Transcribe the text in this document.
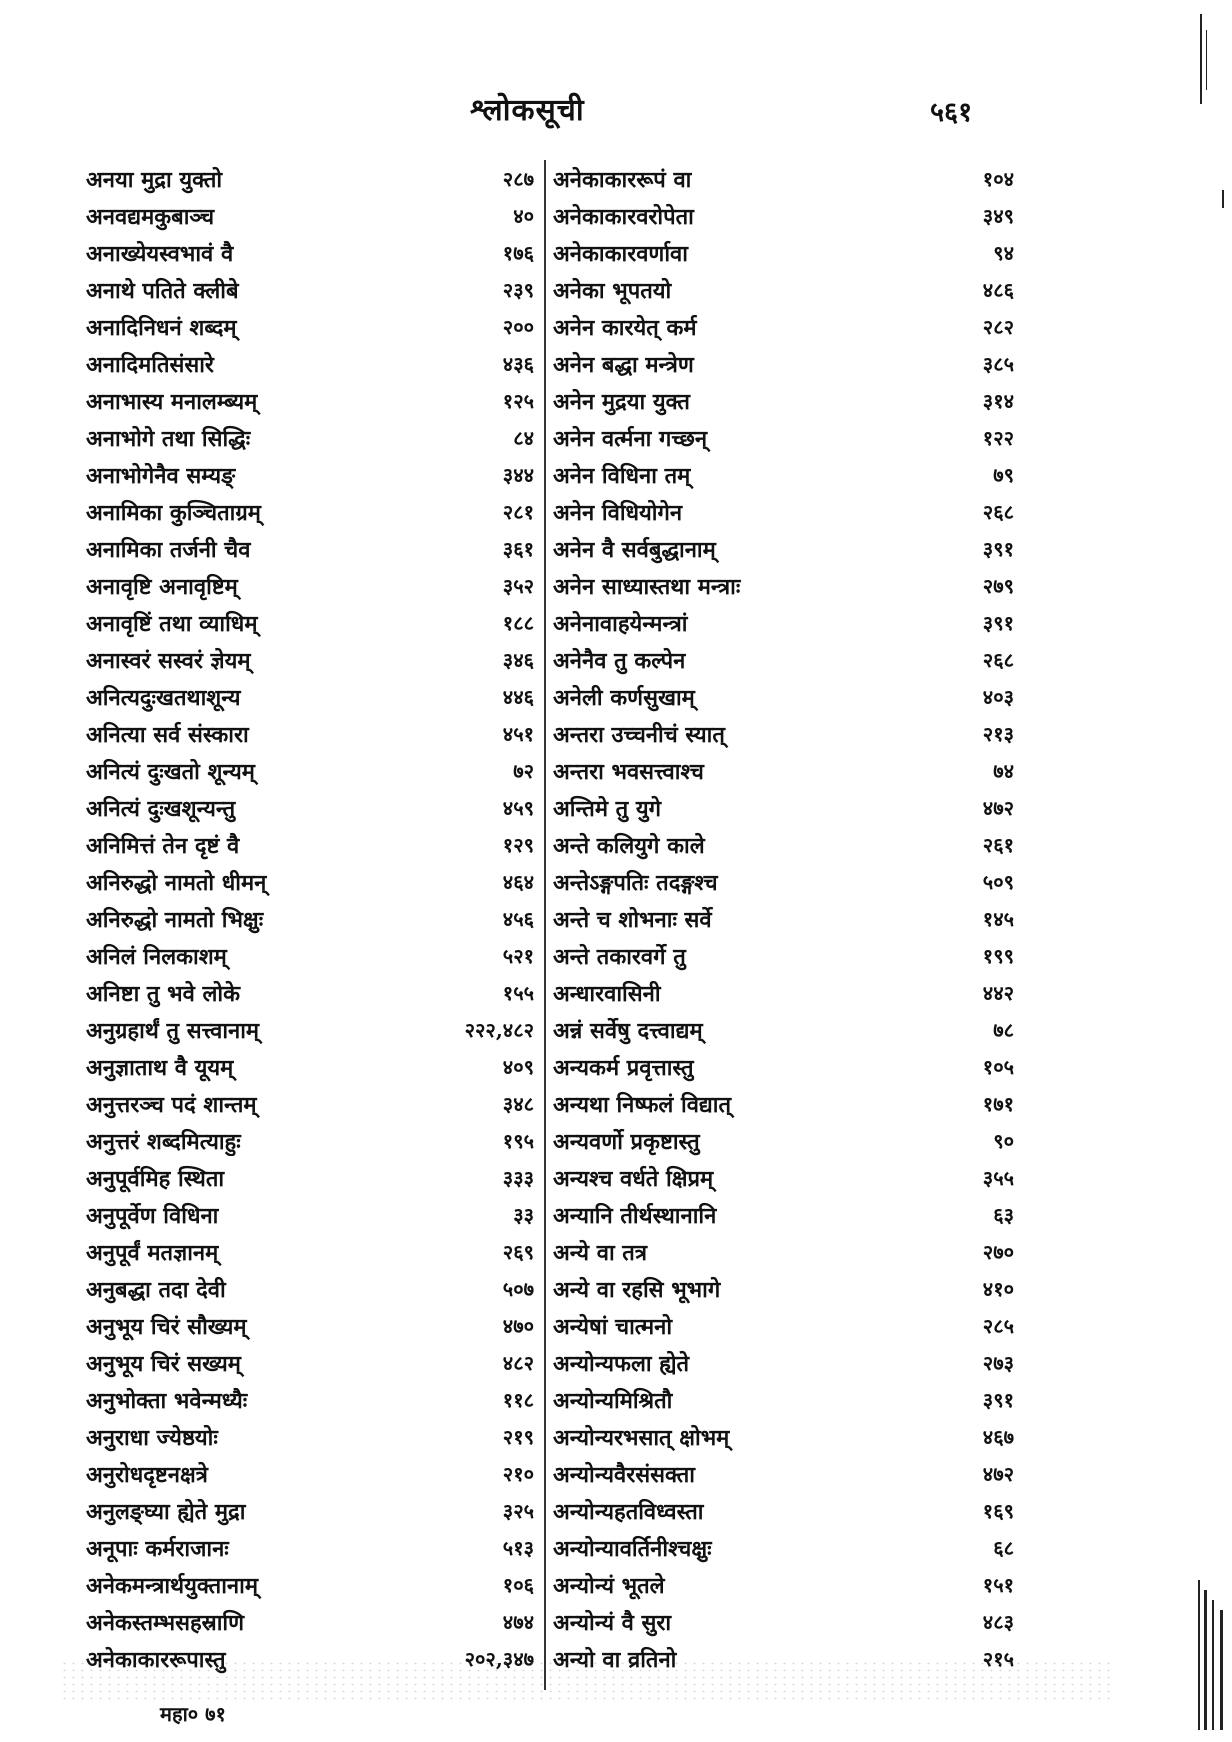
श्लोकसूची	५६१
अनया मुद्रा युक्तो	२८७
अनवद्यमकुबाञ्च	४०
अनाख्येयस्वभावं वै	१७६
अनाथे पतिते क्लीबे	२३९
अनादिनिधनं शब्दम्	२००
अनादिमतिसंसारे	४३६
अनाभास्य मनालम्ब्यम्	१२५
अनाभोगे तथा सिद्धिः	८४
अनाभोगेनैव सम्यङ्	३४४
अनामिका कुञ्चिताग्रम्	२८१
अनामिका तर्जनी चैव	३६१
अनावृष्टि अनावृष्टिम्	३५२
अनावृष्टिं तथा व्याधिम्	१८८
अनास्वरं सस्वरं ज्ञेयम्	३४६
अनित्यदुःखतथाशून्य	४४६
अनित्या सर्व संस्कारा	४५१
अनित्यं दुःखतो शून्यम्	७२
अनित्यं दुःखशून्यन्तु	४५९
अनिमित्तं तेन दृष्टं वै	१२९
अनिरुद्धो नामतो धीमन्	४६४
अनिरुद्धो नामतो भिक्षुः	४५६
अनिलं निलकाशम्	५२१
अनिष्टा तु भवे लोके	१५५
अनुग्रहार्थं तु सत्त्वानाम्	२२२,४८२
अनुज्ञाताथ वै यूयम्	४०९
अनुत्तरञ्च पदं शान्तम्	३४८
अनुत्तरं शब्दमित्याहुः	१९५
अनुपूर्वमिह स्थिता	३३३
अनुपूर्वेण विधिना	३३
अनुपूर्वं मतज्ञानम्	२६९
अनुबद्धा तदा देवी	५०७
अनुभूय चिरं सौख्यम्	४७०
अनुभूय चिरं सख्यम्	४८२
अनुभोक्ता भवेन्मध्यैः	११८
अनुराधा ज्येष्ठयोः	२१९
अनुरोधदृष्टनक्षत्रे	२१०
अनुलङ्घ्या ह्येते मुद्रा	३२५
अनूपाः कर्मराजानः	५१३
अनेकमन्त्रार्थयुक्तानाम्	१०६
अनेकस्तम्भसहस्राणि	४७४
अनेकाकाररूपास्तु	२०२,३४७
अनेकाकाररूपं वा	१०४
अनेकाकारवरोपेता	३४९
अनेकाकारवर्णावा	९४
अनेका भूपतयो	४८६
अनेन कारयेत् कर्म	२८२
अनेन बद्धा मन्त्रेण	३८५
अनेन मुद्रया युक्त	३१४
अनेन वर्त्मना गच्छन्	१२२
अनेन विधिना तम्	७९
अनेन विधियोगेन	२६८
अनेन वै सर्वबुद्धानाम्	३९१
अनेन साध्यास्तथा मन्त्राः	२७९
अनेनावाहयेन्मन्त्रां	३९१
अनेनैव तु कल्पेन	२६८
अनेली कर्णसुखाम्	४०३
अन्तरा उच्चनीचं स्यात्	२१३
अन्तरा भवसत्त्वाश्च	७४
अन्तिमे तु युगे	४७२
अन्ते कलियुगे काले	२६१
अन्तेऽङ्गपतिः तदङ्गश्च	५०९
अन्ते च शोभनाः सर्वे	१४५
अन्ते तकारवर्गे तु	१९९
अन्धारवासिनी	४४२
अन्नं सर्वेषु दत्त्वाद्यम्	७८
अन्यकर्म प्रवृत्तास्तु	१०५
अन्यथा निष्फलं विद्यात्	१७१
अन्यवर्णो प्रकृष्टास्तु	९०
अन्यश्च वर्धते क्षिप्रम्	३५५
अन्यानि तीर्थस्थानानि	६३
अन्ये वा तत्र	२७०
अन्ये वा रहसि भूभागे	४१०
अन्येषां चात्मनो	२८५
अन्योन्यफला ह्येते	२७३
अन्योन्यमिश्रितौ	३९१
अन्योन्यरभसात् क्षोभम्	४६७
अन्योन्यवैरसंसक्ता	४७२
अन्योन्यहतविध्वस्ता	१६९
अन्योन्यावर्तिनीश्चक्षुः	६८
अन्योन्यं भूतले	१५१
अन्योन्यं वै सुरा	४८३
अन्यो वा व्रतिनो	२१५
महा० ७१
